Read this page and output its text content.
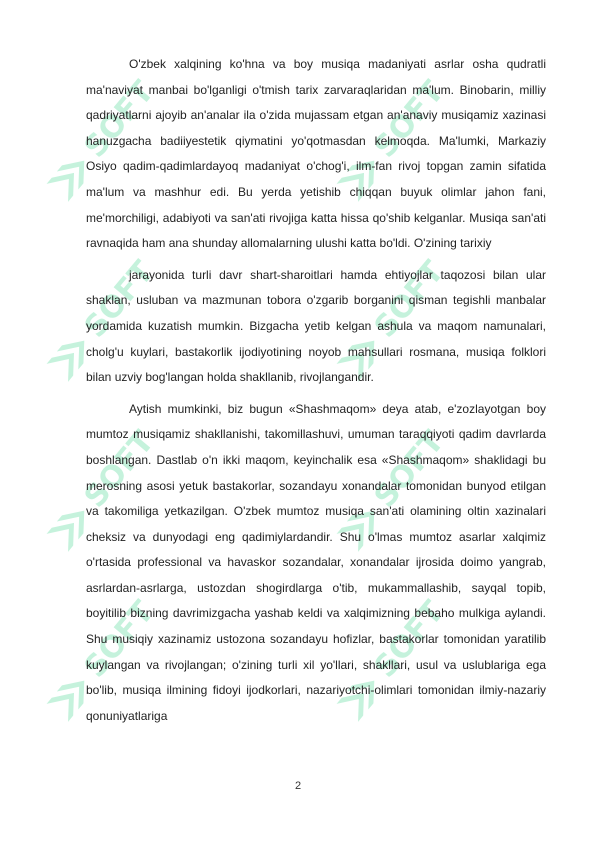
SOFT
SOFT
SOFT
SOFT
SOFT
SOFT
SOFT
SOFT

O'zbek xalqining ko'hna va boy musiqa madaniyati asrlar osha qudratli ma'naviyat manbai bo'lganligi o'tmish tarix zarvaraqlaridan ma'lum. Binobarin, milliy qadriyatlarni ajoyib an'analar ila o'zida mujassam etgan an'anaviy musiqamiz xazinasi hanuzgacha badiiyestetik qiymatini yo'qotmasdan kelmoqda. Ma'lumki, Markaziy Osiyo qadim-qadimlardayoq madaniyat o'chog'i, ilm-fan rivoj topgan zamin sifatida ma'lum va mashhur edi. Bu yerda yetishib chiqqan buyuk olimlar jahon fani, me'morchiligi, adabiyoti va san'ati rivojiga katta hissa qo'shib kelganlar. Musiqa san'ati ravnaqida ham ana shunday allomalarning ulushi katta bo'ldi. O'zining tarixiy

jarayonida turli davr shart-sharoitlari hamda ehtiyojlar taqozosi bilan ular shaklan, usluban va mazmunan tobora o'zgarib borganini qisman tegishli manbalar yordamida kuzatish mumkin. Bizgacha yetib kelgan ashula va maqom namunalari, cholg'u kuylari, bastakorlik ijodiyotining noyob mahsullari rosmana, musiqa folklori bilan uzviy bog'langan holda shakllanib, rivojlangandir.

Aytish mumkinki, biz bugun «Shashmaqom» deya atab, e'zozlayotgan boy mumtoz musiqamiz shakllanishi, takomillashuvi, umuman taraqqiyoti qadim davrlarda boshlangan. Dastlab o'n ikki maqom, keyinchalik esa «Shashmaqom» shaklidagi bu merosning asosi yetuk bastakorlar, sozandayu xonandalar tomonidan bunyod etilgan va takomiliga yetkazilgan. O'zbek mumtoz musiqa san'ati olamining oltin xazinalari cheksiz va dunyodagi eng qadimiylardandir. Shu o'lmas mumtoz asarlar xalqimiz o'rtasida professional va havaskor sozandalar, xonandalar ijrosida doimo yangrab, asrlardan-asrlarga, ustozdan shogirdlarga o'tib, mukammallashib, sayqal topib, boyitilib bizning davrimizgacha yashab keldi va xalqimizning bebaho mulkiga aylandi. Shu musiqiy xazinamiz ustozona sozandayu hofizlar, bastakorlar tomonidan yaratilib kuylangan va rivojlangan; o'zining turli xil yo'llari, shakllari, usul va uslublariga ega bo'lib, musiqa ilmining fidoyi ijodkorlari, nazariyotchi-olimlari tomonidan ilmiy-nazariy qonuniyatlariga

2
